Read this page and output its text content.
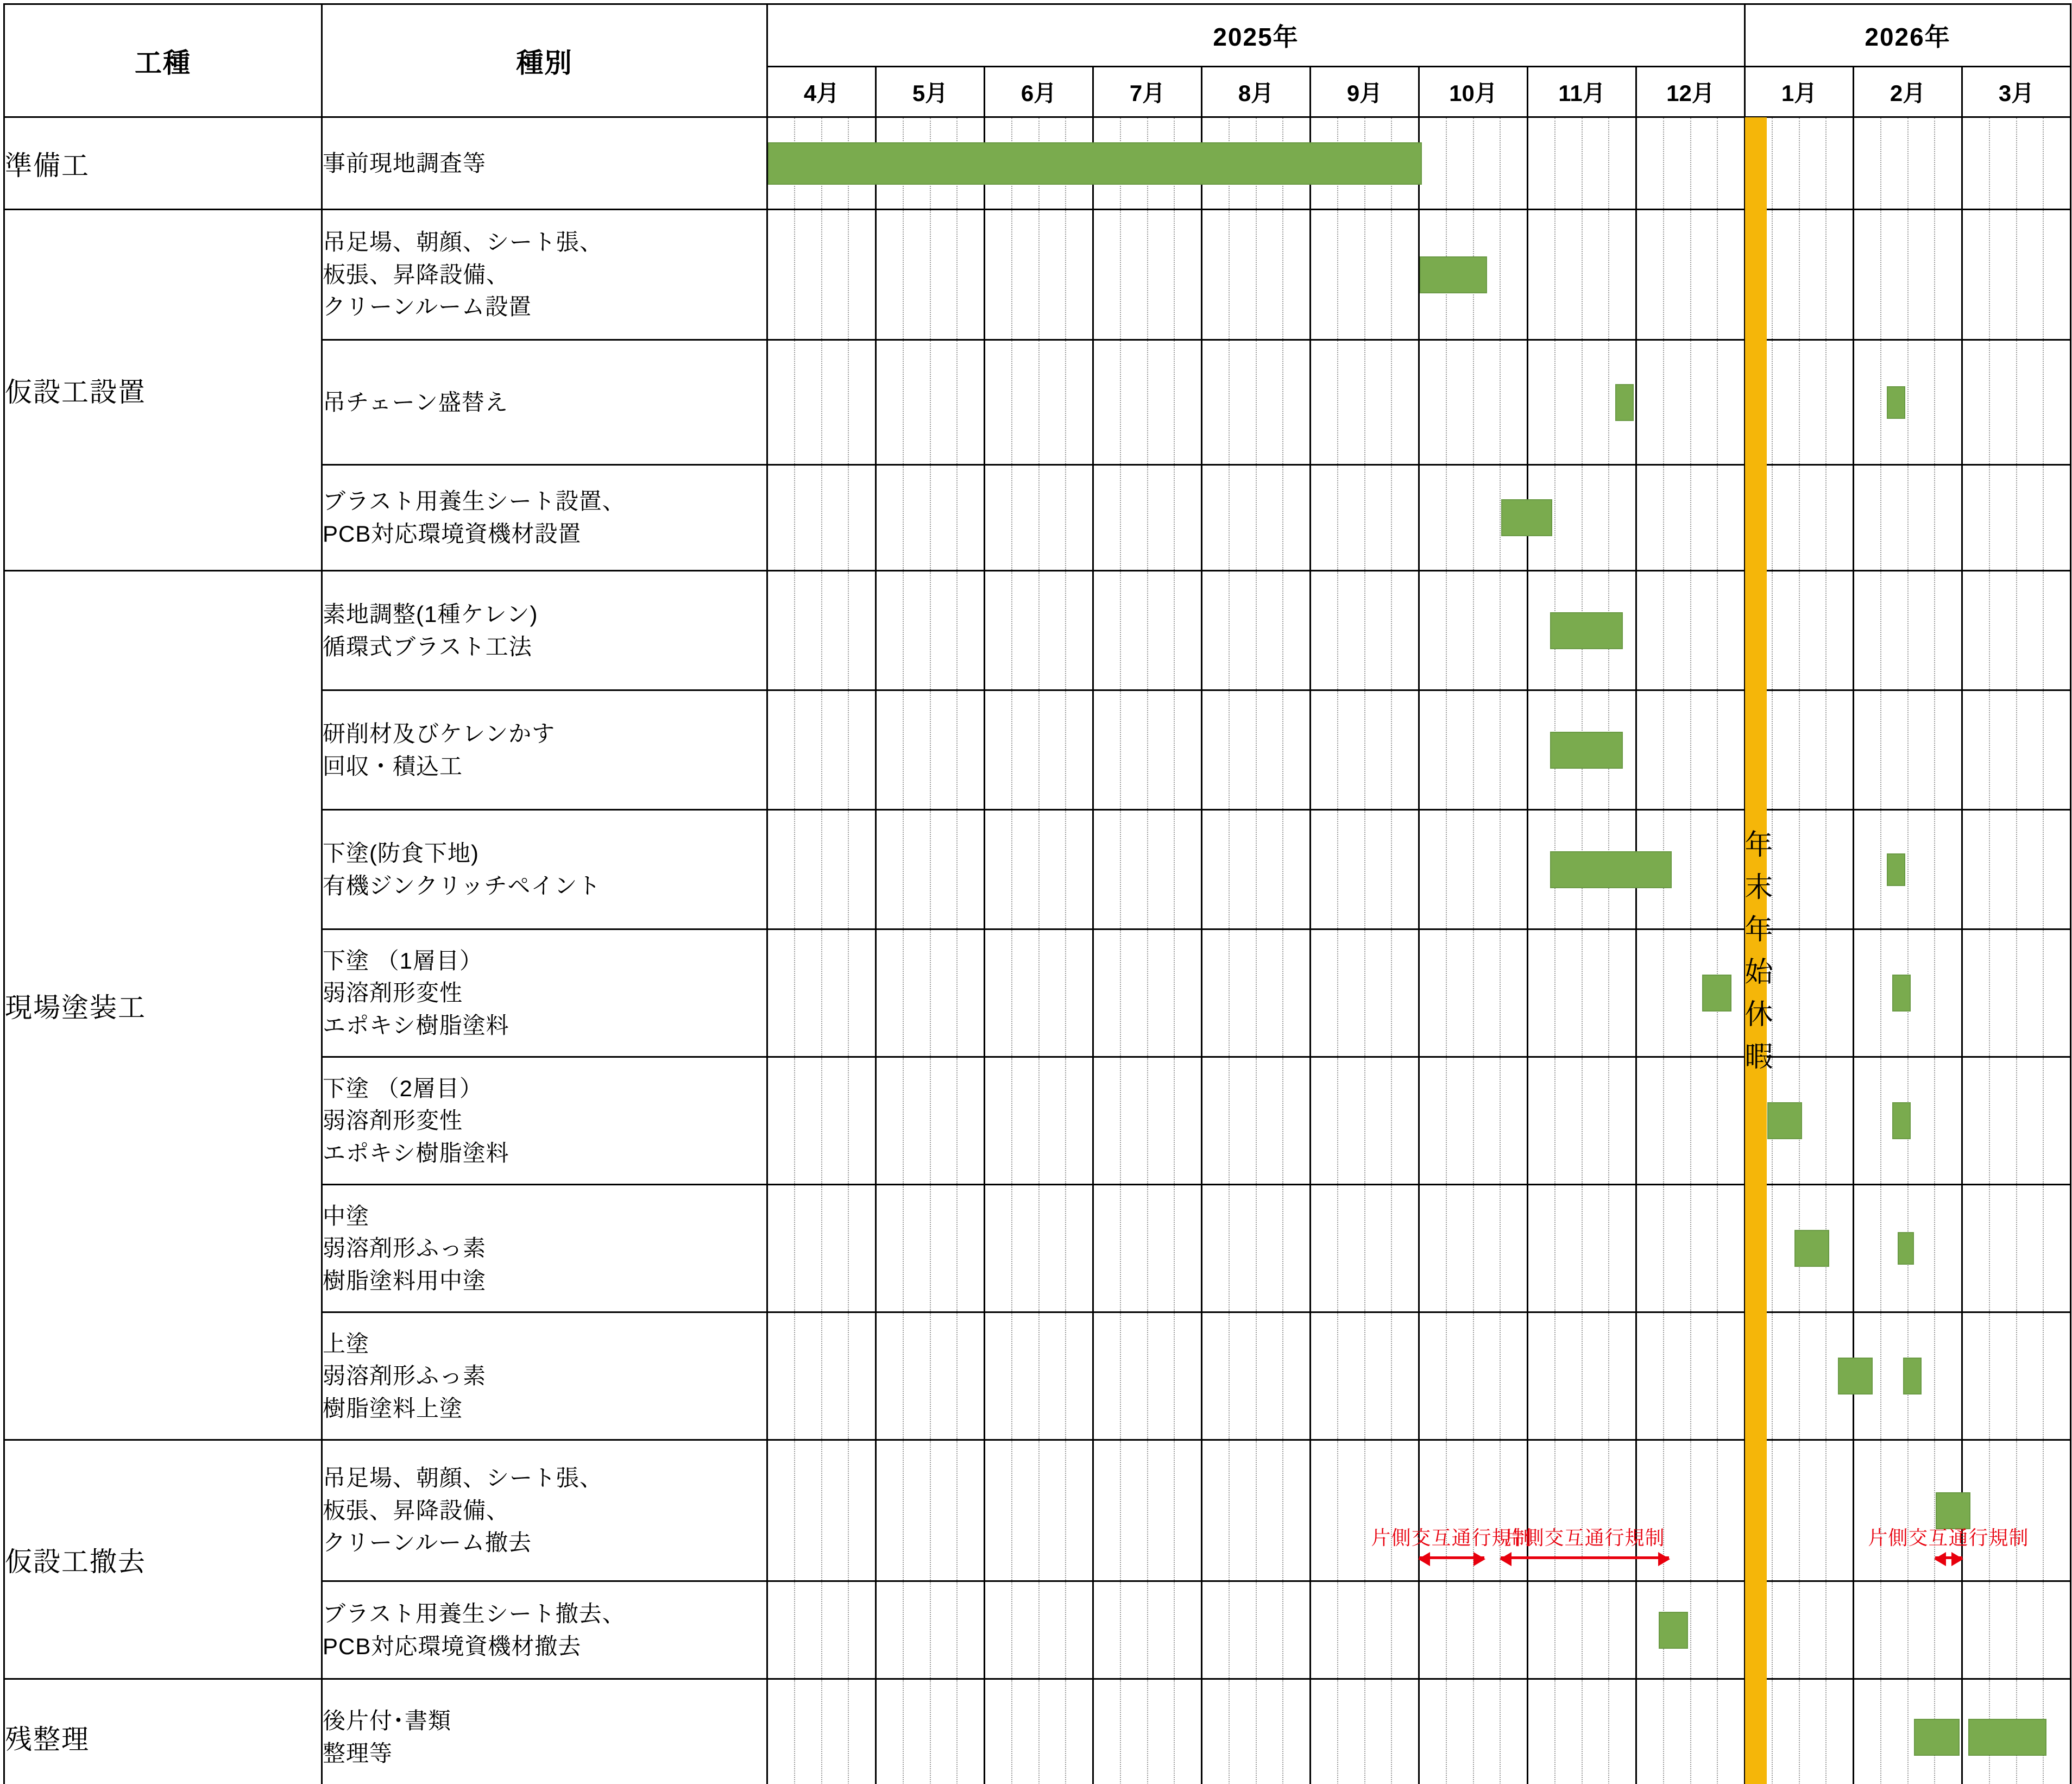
工種	種別	2025年									2026年		
		4月	5月	6月	7月	8月	9月	10月	11月	12月	1月	2月	3月
準備工	事前現地調査等												

仮設工設置	吊足場、朝顔、シート張、
板張、昇降設備、
クリーンルーム設置												

	吊チェーン盛替え												

	ブラスト用養生シート設置、
PCB対応環境資機材設置												

現場塗装工	素地調整(1種ケレン)
循環式ブラスト工法												

	研削材及びケレンかす
回収・積込工												

	下塗(防食下地)
有機ジンクリッチペイント												

	下塗 （1層目）
弱溶剤形変性
エポキシ樹脂塗料												

	下塗 （2層目）
弱溶剤形変性
エポキシ樹脂塗料												

	中塗
弱溶剤形ふっ素
樹脂塗料用中塗												

	上塗
弱溶剤形ふっ素
樹脂塗料上塗												

仮設工撤去	吊足場、朝顔、シート張、
板張、昇降設備、
クリーンルーム撤去												

	ブラスト用養生シート撤去、
PCB対応環境資機材撤去												

残整理	後片付･書類
整理等												

年末年始休暇
片側交互通行規制
片側交互通行規制	片側交互通行規制
